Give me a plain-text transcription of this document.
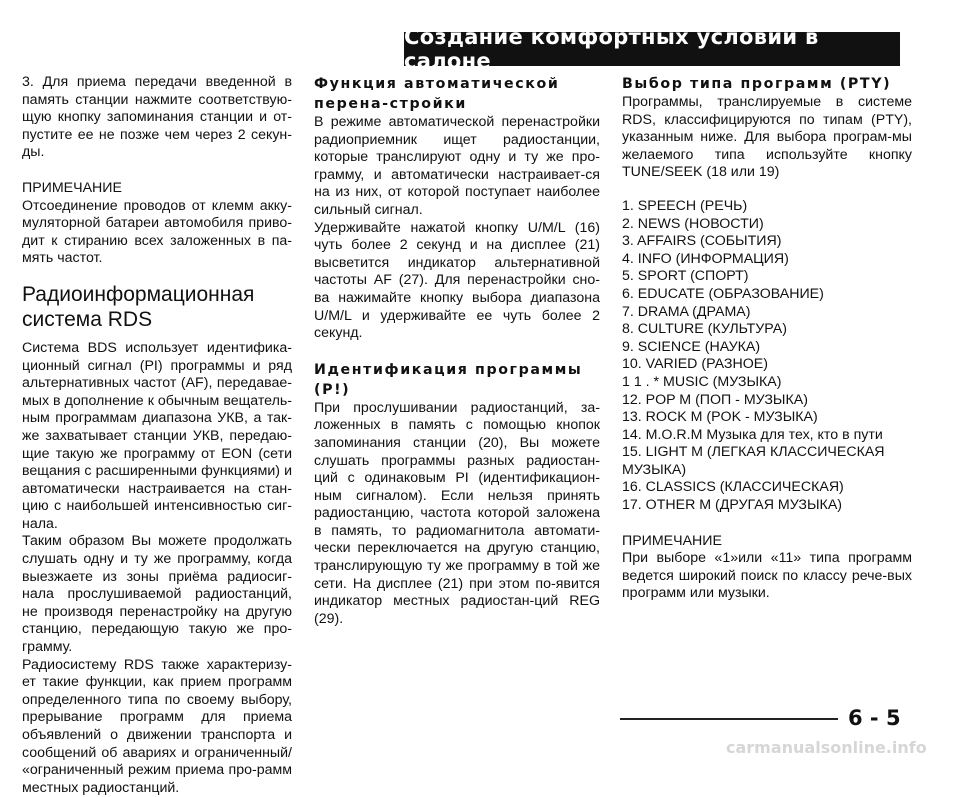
Создание комфортных условий в салоне

3. Для приема передачи введенной в память станции нажмите соответствую-щую кнопку запоминания станции и от-пустите ее не позже чем через 2 секун-ды.

ПРИМЕЧАНИЕ

Отсоединение проводов от клемм акку-муляторной батареи автомобиля приво-дит к стиранию всех заложенных в па-мять частот.

Радиоинформационная система RDS

Система BDS использует идентифика-ционный сигнал (PI) программы и ряд альтернативных частот (AF), передавае-мых в дополнение к обычным вещатель-ным программам диапазона УКВ, а так-же захватывает станции УКВ, передаю-щие такую же программу от EON (сети вещания с расширенными функциями) и автоматически настраивается на стан-цию с наибольшей интенсивностью сиг-нала.

Таким образом Вы можете продолжать слушать одну и ту же программу, когда выезжаете из зоны приёма радиосиг-нала прослушиваемой радиостанций, не производя перенастройку на другую станцию, передающую такую же про-грамму.

Радиосистему RDS также характеризу-ет такие функции, как прием программ определенного типа по своему выбору, прерывание программ для приема объявлений о движении транспорта и сообщений об авариях и ограниченный/ «ограниченный режим приема про-рамм местных радиостанций.

Функция автоматической перена-стройки

В режиме автоматической перенастройки радиоприемник ищет радиостанции, которые транслируют одну и ту же про-грамму, и автоматически настраивает-ся на из них, от которой поступает наиболее сильный сигнал.

Удерживайте нажатой кнопку U/M/L (16) чуть более 2 секунд и на дисплее (21) высветится индикатор альтернативной частоты AF (27). Для перенастройки сно-ва нажимайте кнопку выбора диапазона U/M/L и удерживайте ее чуть более 2 секунд.

Идентификация программы (P!)

При прослушивании радиостанций, за-ложенных в память с помощью кнопок запоминания станции (20), Вы можете слушать программы разных радиостан-ций с одинаковым PI (идентификацион-ным сигналом). Если нельзя принять радиостанцию, частота которой заложена в память, то радиомагнитола автомати-чески переключается на другую станцию, транслирующую ту же программу в той же сети. На дисплее (21) при этом по-явится индикатор местных радиостан-ций REG (29).

Выбор типа программ (PTY)

Программы, транслируемые в системе RDS, классифицируются по типам (PTY), указанным ниже. Для выбора програм-мы желаемого типа используйте кнопку TUNE/SEEK (18 или 19)

1. SPEECH (РЕЧЬ)
2. NEWS (НОВОСТИ)
3. AFFAIRS (СОБЫТИЯ)
4. INFO (ИНФОРМАЦИЯ)
5. SPORT (СПОРТ)
6. EDUCATE (ОБРАЗОВАНИЕ)
7. DRAMA (ДРАМА)
8. CULTURE (КУЛЬТУРА)
9. SCIENCE (НАУКА)
10. VARIED (РАЗНОЕ)
1 1 . * MUSIC (МУЗЫКА)
12. POP M (ПОП - МУЗЫКА)
13. ROCK M (POK - МУЗЫКА)
14. M.O.R.M Музыка для тех, кто в пути
15. LIGHT M (ЛЕГКАЯ КЛАССИЧЕСКАЯ МУЗЫКА)
16. CLASSICS (КЛАССИЧЕСКАЯ)
17. OTHER M (ДРУГАЯ МУЗЫКА)

ПРИМЕЧАНИЕ

При выборе «1»или «11» типа программ ведется широкий поиск по классу рече-вых программ или музыки.

6 - 5
carmanualsonline.info
